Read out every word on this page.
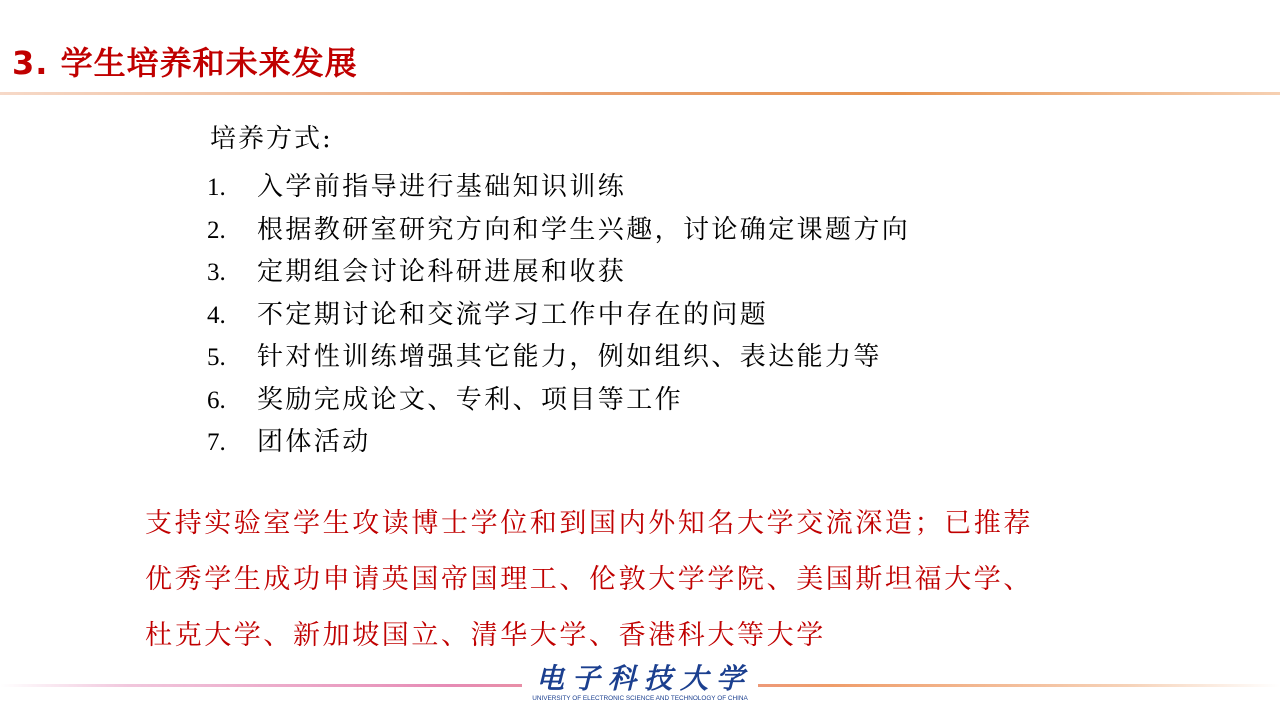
3. 学生培养和未来发展
培养方式:
1. 入学前指导进行基础知识训练
2. 根据教研室研究方向和学生兴趣，讨论确定课题方向
3. 定期组会讨论科研进展和收获
4. 不定期讨论和交流学习工作中存在的问题
5. 针对性训练增强其它能力，例如组织、表达能力等
6. 奖励完成论文、专利、项目等工作
7. 团体活动
支持实验室学生攻读博士学位和到国内外知名大学交流深造；已推荐
优秀学生成功申请英国帝国理工、伦敦大学学院、美国斯坦福大学、
杜克大学、新加坡国立、清华大学、香港科大等大学
电子科技大学
UNIVERSITY OF ELECTRONIC SCIENCE AND TECHNOLOGY OF CHINA
